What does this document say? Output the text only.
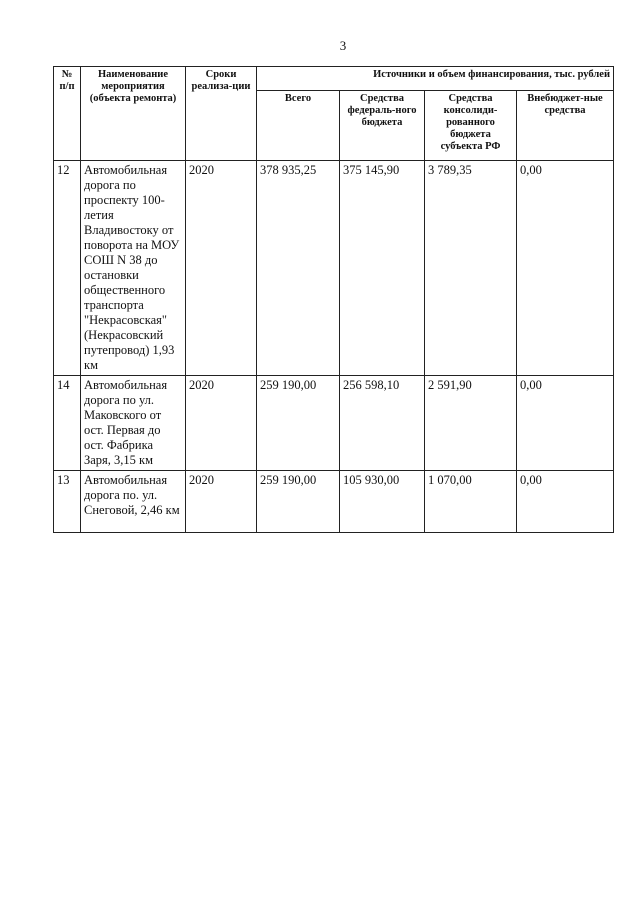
3
№ п/п	Наименование мероприятия (объекта ремонта)	Сроки реализа-ции	Источники и объем финансирования, тыс. рублей			
			Всего	Средства федераль-ного бюджета	Средства консолиди-рованного бюджета субъекта РФ	Внебюджет-ные средства
12	Автомобильная дорога по проспекту 100-летия Владивостоку от поворота на МОУ СОШ N 38 до остановки общественного транспорта "Некрасовская" (Некрасовский путепровод) 1,93 км	2020	378 935,25	375 145,90	3 789,35	0,00
14	Автомобильная дорога по ул. Маковского от ост. Первая до ост. Фабрика Заря, 3,15 км	2020	259 190,00	256 598,10	2 591,90	0,00
13	Автомобильная дорога по. ул. Снеговой, 2,46 км	2020	259 190,00	105 930,00	1 070,00	0,00
